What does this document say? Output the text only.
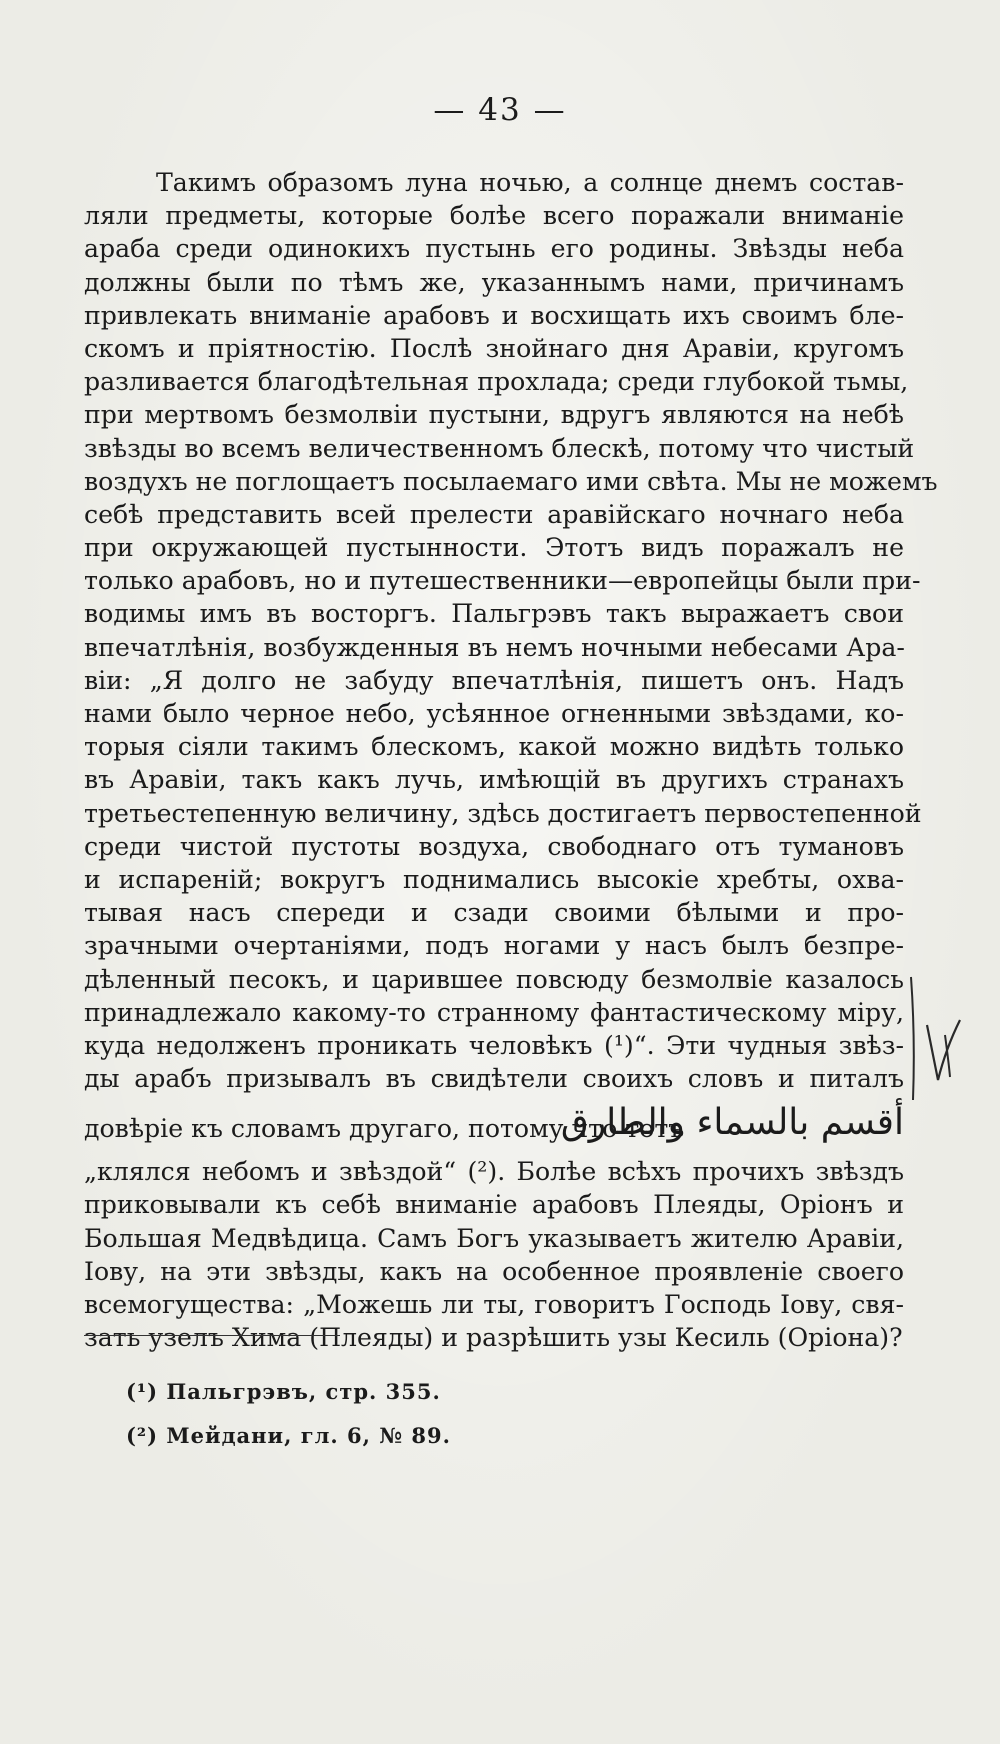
— 43 —
Такимъ образомъ луна ночью, а солнце днемъ состав-
ляли предметы, которые болѣе всего поражали вниманіе
араба среди одинокихъ пустынь его родины. Звѣзды неба
должны были по тѣмъ же, указаннымъ нами, причинамъ
привлекать вниманіе арабовъ и восхищать ихъ своимъ бле-
скомъ и пріятностію. Послѣ знойнаго дня Аравіи, кругомъ
разливается благодѣтельная прохлада; среди глубокой тьмы,
при мертвомъ безмолвіи пустыни, вдругъ являются на небѣ
звѣзды во всемъ величественномъ блескѣ, потому что чистый
воздухъ не поглощаетъ посылаемаго ими свѣта. Мы не можемъ
себѣ представить всей прелести аравійскаго ночнаго неба
при окружающей пустынности. Этотъ видъ поражалъ не
только арабовъ, но и путешественники—европейцы были при-
водимы имъ въ восторгъ. Пальгрэвъ такъ выражаетъ свои
впечатлѣнія, возбужденныя въ немъ ночными небесами Ара-
віи: „Я долго не забуду впечатлѣнія, пишетъ онъ. Надъ
нами было черное небо, усѣянное огненными звѣздами, ко-
торыя сіяли такимъ блескомъ, какой можно видѣть только
въ Аравіи, такъ какъ лучь, имѣющій въ другихъ странахъ
третьестепенную величину, здѣсь достигаетъ первостепенной
среди чистой пустоты воздуха, свободнаго отъ тумановъ
и испареній; вокругъ поднимались высокіе хребты, охва-
тывая насъ спереди и сзади своими бѣлыми и про-
зрачными очертаніями, подъ ногами у насъ былъ безпре-
дѣленный песокъ, и царившее повсюду безмолвіе казалось
принадлежало какому-то странному фантастическому міру,
куда недолженъ проникать человѣкъ (¹)“. Эти чудныя звѣз-
ды арабъ призывалъ въ свидѣтели своихъ словъ и питалъ
довѣріе къ словамъ другаго, потому что тотъ
أقسم بالسماء والطارق
„клялся небомъ и звѣздой“ (²). Болѣе всѣхъ прочихъ звѣздъ
приковывали къ себѣ вниманіе арабовъ Плеяды, Оріонъ и
Большая Медвѣдица. Самъ Богъ указываетъ жителю Аравіи,
Іову, на эти звѣзды, какъ на особенное проявленіе своего
всемогущества: „Можешь ли ты, говоритъ Господь Іову, свя-
зать узелъ Хима (Плеяды) и разрѣшить узы Кесиль (Оріона)?
(¹) Пальгрэвъ, стр. 355.
(²) Мейдани, гл. 6, № 89.
